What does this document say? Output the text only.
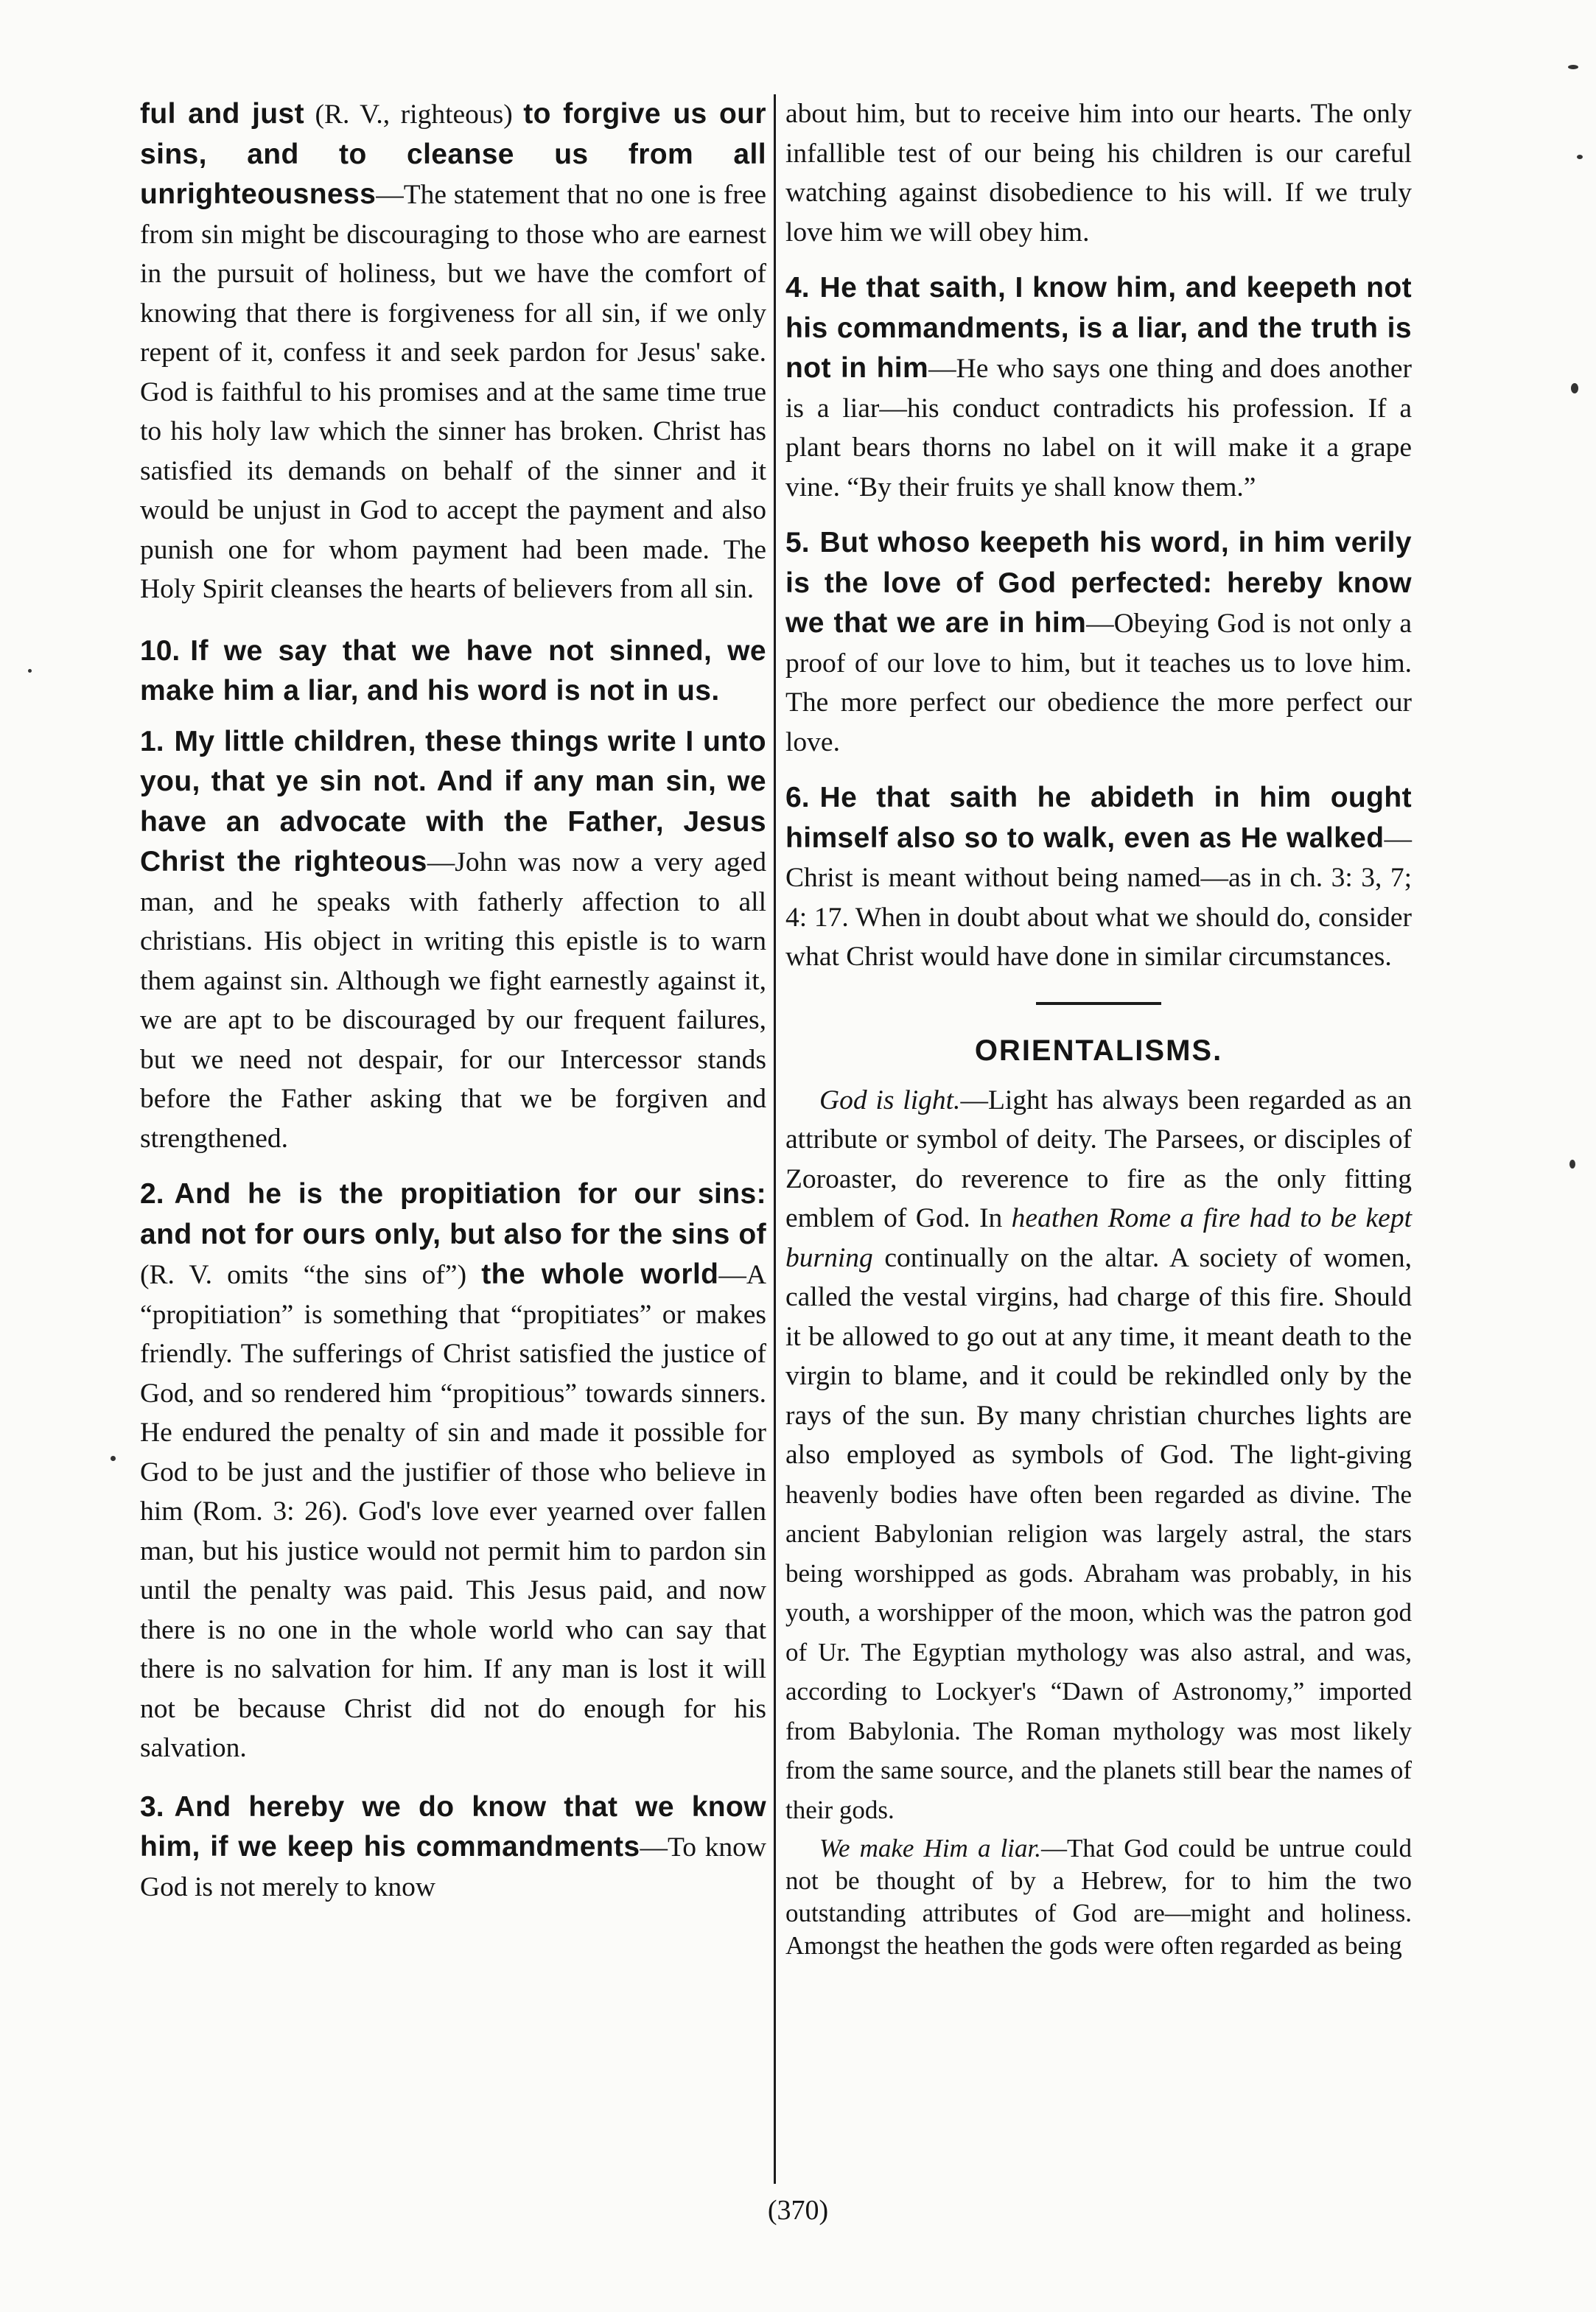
ful and just (R. V., righteous) to forgive us our sins, and to cleanse us from all unrighteousness—The statement that no one is free from sin might be discouraging to those who are earnest in the pursuit of holiness, but we have the comfort of knowing that there is forgiveness for all sin, if we only repent of it, confess it and seek pardon for Jesus' sake. God is faithful to his promises and at the same time true to his holy law which the sinner has broken. Christ has satisfied its demands on behalf of the sinner and it would be unjust in God to accept the payment and also punish one for whom payment had been made. The Holy Spirit cleanses the hearts of believers from all sin.

10. If we say that we have not sinned, we make him a liar, and his word is not in us.

1. My little children, these things write I unto you, that ye sin not. And if any man sin, we have an advocate with the Father, Jesus Christ the righteous—John was now a very aged man, and he speaks with fatherly affection to all christians. His object in writing this epistle is to warn them against sin. Although we fight earnestly against it, we are apt to be discouraged by our frequent failures, but we need not despair, for our Intercessor stands before the Father asking that we be forgiven and strengthened.

2. And he is the propitiation for our sins: and not for ours only, but also for the sins of (R. V. omits “the sins of”) the whole world—A “propitiation” is something that “propitiates” or makes friendly. The sufferings of Christ satisfied the justice of God, and so rendered him “propitious” towards sinners. He endured the penalty of sin and made it possible for God to be just and the justifier of those who believe in him (Rom. 3: 26). God's love ever yearned over fallen man, but his justice would not permit him to pardon sin until the penalty was paid. This Jesus paid, and now there is no one in the whole world who can say that there is no salvation for him. If any man is lost it will not be because Christ did not do enough for his salvation.

3. And hereby we do know that we know him, if we keep his commandments—To know God is not merely to know

about him, but to receive him into our hearts. The only infallible test of our being his children is our careful watching against disobedience to his will. If we truly love him we will obey him.

4. He that saith, I know him, and keepeth not his commandments, is a liar, and the truth is not in him—He who says one thing and does another is a liar—his conduct contradicts his profession. If a plant bears thorns no label on it will make it a grape vine. “By their fruits ye shall know them.”

5. But whoso keepeth his word, in him verily is the love of God perfected: hereby know we that we are in him—Obeying God is not only a proof of our love to him, but it teaches us to love him. The more perfect our obedience the more perfect our love.

6. He that saith he abideth in him ought himself also so to walk, even as He walked—Christ is meant without being named—as in ch. 3: 3, 7; 4: 17. When in doubt about what we should do, consider what Christ would have done in similar circumstances.

ORIENTALISMS.

God is light.—Light has always been regarded as an attribute or symbol of deity. The Parsees, or disciples of Zoroaster, do reverence to fire as the only fitting emblem of God. In heathen Rome a fire had to be kept burning continually on the altar. A society of women, called the vestal virgins, had charge of this fire. Should it be allowed to go out at any time, it meant death to the virgin to blame, and it could be rekindled only by the rays of the sun. By many christian churches lights are also employed as symbols of God. The light-giving heavenly bodies have often been regarded as divine. The ancient Babylonian religion was largely astral, the stars being worshipped as gods. Abraham was probably, in his youth, a worshipper of the moon, which was the patron god of Ur. The Egyptian mythology was also astral, and was, according to Lockyer's “Dawn of Astronomy,” imported from Babylonia. The Roman mythology was most likely from the same source, and the planets still bear the names of their gods.

We make Him a liar.—That God could be untrue could not be thought of by a Hebrew, for to him the two outstanding attributes of God are—might and holiness. Amongst the heathen the gods were often regarded as being

(370)
